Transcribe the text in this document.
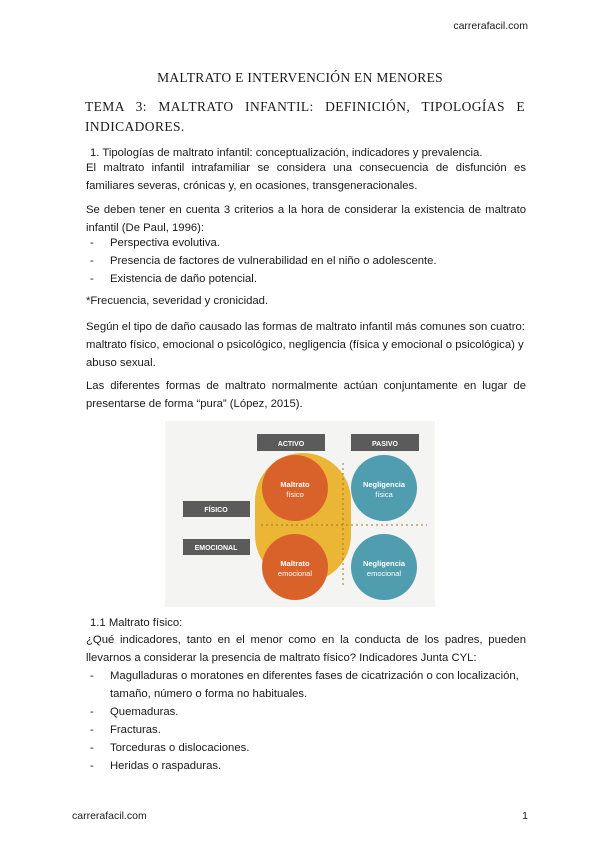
carrerafacil.com
MALTRATO E INTERVENCIÓN EN MENORES
TEMA 3: MALTRATO INFANTIL: DEFINICIÓN, TIPOLOGÍAS E INDICADORES.
1. Tipologías de maltrato infantil: conceptualización, indicadores y prevalencia.
El maltrato infantil intrafamiliar se considera una consecuencia de disfunción es familiares severas, crónicas y, en ocasiones, transgeneracionales.
Se deben tener en cuenta 3 criterios a la hora de considerar la existencia de maltrato infantil (De Paul, 1996):
- Perspectiva evolutiva.
- Presencia de factores de vulnerabilidad en el niño o adolescente.
- Existencia de daño potencial.
*Frecuencia, severidad y cronicidad.
Según el tipo de daño causado las formas de maltrato infantil más comunes son cuatro: maltrato físico, emocional o psicológico, negligencia (física y emocional o psicológica) y abuso sexual.
Las diferentes formas de maltrato normalmente actúan conjuntamente en lugar de presentarse de forma “pura” (López, 2015).
ACTIVO	PASIVO
FÍSICO
EMOCIONAL
Maltrato
físico
Negligencia
física
Maltrato
emocional
Negligencia
emocional
1.1 Maltrato físico:
¿Qué indicadores, tanto en el menor como en la conducta de los padres, pueden llevarnos a considerar la presencia de maltrato físico? Indicadores Junta CYL:
- Magulladuras o moratones en diferentes fases de cicatrización o con localización, tamaño, número o forma no habituales.
- Quemaduras.
- Fracturas.
- Torceduras o dislocaciones.
- Heridas o raspaduras.
carrerafacil.com	1
